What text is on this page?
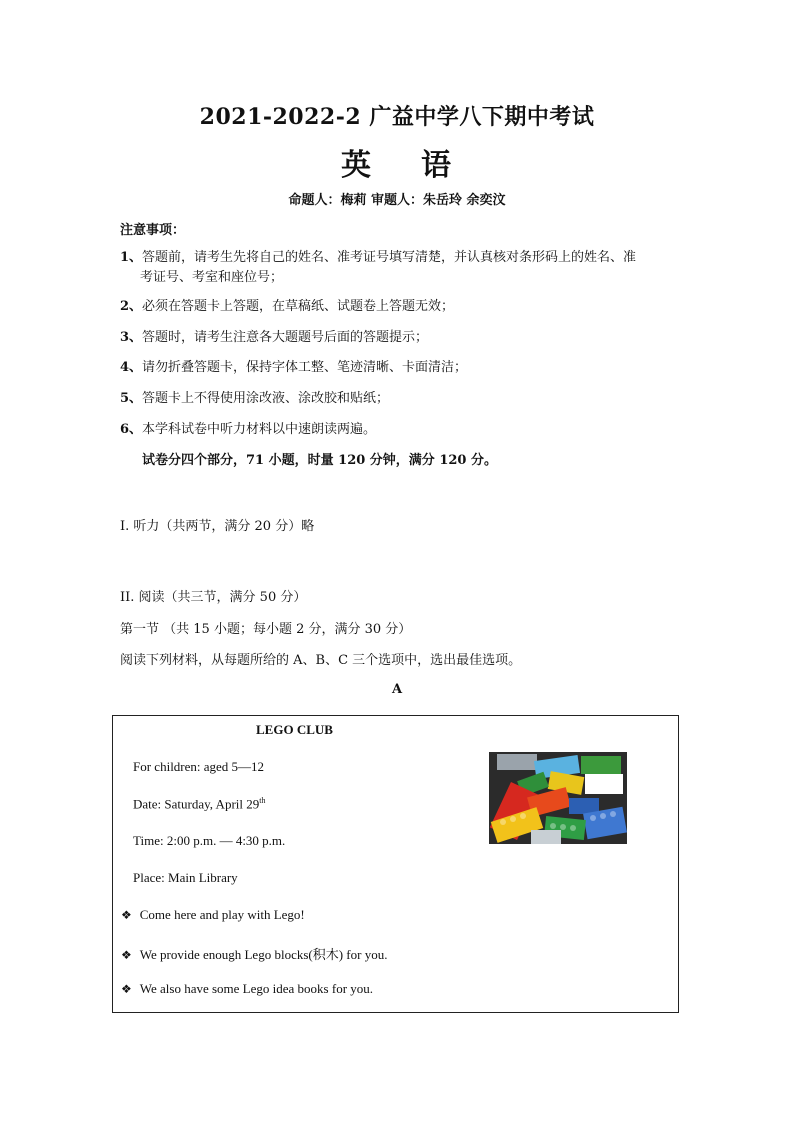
2021-2022-2 广益中学八下期中考试
英 语
命题人：梅莉 审题人：朱岳玲 余奕汶
注意事项：
1、答题前，请考生先将自己的姓名、准考证号填写清楚，并认真核对条形码上的姓名、准
考证号、考室和座位号；
2、必须在答题卡上答题，在草稿纸、试题卷上答题无效；
3、答题时，请考生注意各大题题号后面的答题提示；
4、请勿折叠答题卡，保持字体工整、笔迹清晰、卡面清洁；
5、答题卡上不得使用涂改液、涂改胶和贴纸；
6、本学科试卷中听力材料以中速朗读两遍。
试卷分四个部分，71 小题，时量 120 分钟，满分 120 分。
I. 听力（共两节，满分 20 分）略
II. 阅读（共三节，满分 50 分）
第一节 （共 15 小题；每小题 2 分，满分 30 分）
阅读下列材料，从每题所给的 A、B、C 三个选项中，选出最佳选项。
A
LEGO CLUB
For children: aged 5—12
Date: Saturday, April 29th
Time: 2:00 p.m. — 4:30 p.m.
Place: Main Library
❖ Come here and play with Lego!
❖ We provide enough Lego blocks(积木) for you.
❖ We also have some Lego idea books for you.
